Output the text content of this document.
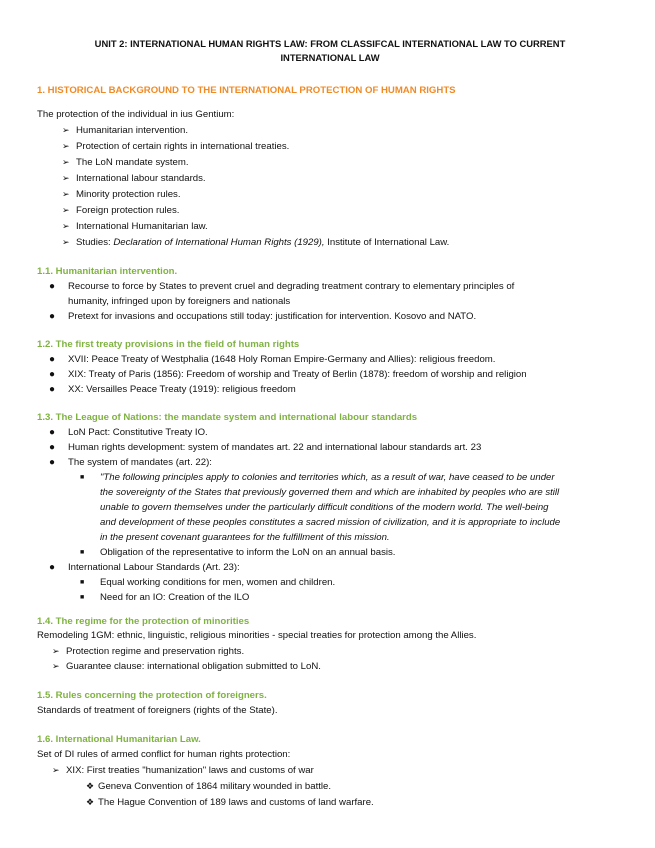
UNIT 2: INTERNATIONAL HUMAN RIGHTS LAW: FROM CLASSIFCAL INTERNATIONAL LAW TO CURRENT
INTERNATIONAL LAW
1. HISTORICAL BACKGROUND TO THE INTERNATIONAL PROTECTION OF HUMAN RIGHTS
The protection of the individual in ius Gentium:
➢ Humanitarian intervention.
➢ Protection of certain rights in international treaties.
➢ The LoN mandate system.
➢ International labour standards.
➢ Minority protection rules.
➢ Foreign protection rules.
➢ International Humanitarian law.
➢ Studies: Declaration of International Human Rights (1929), Institute of International Law.
1.1. Humanitarian intervention.
● Recourse to force by States to prevent cruel and degrading treatment contrary to elementary principles of
humanity, infringed upon by foreigners and nationals
● Pretext for invasions and occupations still today: justification for intervention. Kosovo and NATO.
1.2. The first treaty provisions in the field of human rights
● XVII: Peace Treaty of Westphalia (1648 Holy Roman Empire-Germany and Allies): religious freedom.
● XIX: Treaty of Paris (1856): Freedom of worship and Treaty of Berlin (1878): freedom of worship and religion
● XX: Versailles Peace Treaty (1919): religious freedom
1.3. The League of Nations: the mandate system and international labour standards
● LoN Pact: Constitutive Treaty IO.
● Human rights development: system of mandates art. 22 and international labour standards art. 23
● The system of mandates (art. 22):
■ "The following principles apply to colonies and territories which, as a result of war, have ceased to be under
the sovereignty of the States that previously governed them and which are inhabited by peoples who are still
unable to govern themselves under the particularly difficult conditions of the modern world. The well-being
and development of these peoples constitutes a sacred mission of civilization, and it is appropriate to include
in the present covenant guarantees for the fulfillment of this mission.
■ Obligation of the representative to inform the LoN on an annual basis.
● International Labour Standards (Art. 23):
■ Equal working conditions for men, women and children.
■ Need for an IO: Creation of the ILO
1.4. The regime for the protection of minorities
Remodeling 1GM: ethnic, linguistic, religious minorities - special treaties for protection among the Allies.
➢ Protection regime and preservation rights.
➢ Guarantee clause: international obligation submitted to LoN.
1.5. Rules concerning the protection of foreigners.
Standards of treatment of foreigners (rights of the State).
1.6. International Humanitarian Law.
Set of DI rules of armed conflict for human rights protection:
➢ XIX: First treaties "humanization" laws and customs of war
❖ Geneva Convention of 1864 military wounded in battle.
❖ The Hague Convention of 189 laws and customs of land warfare.
